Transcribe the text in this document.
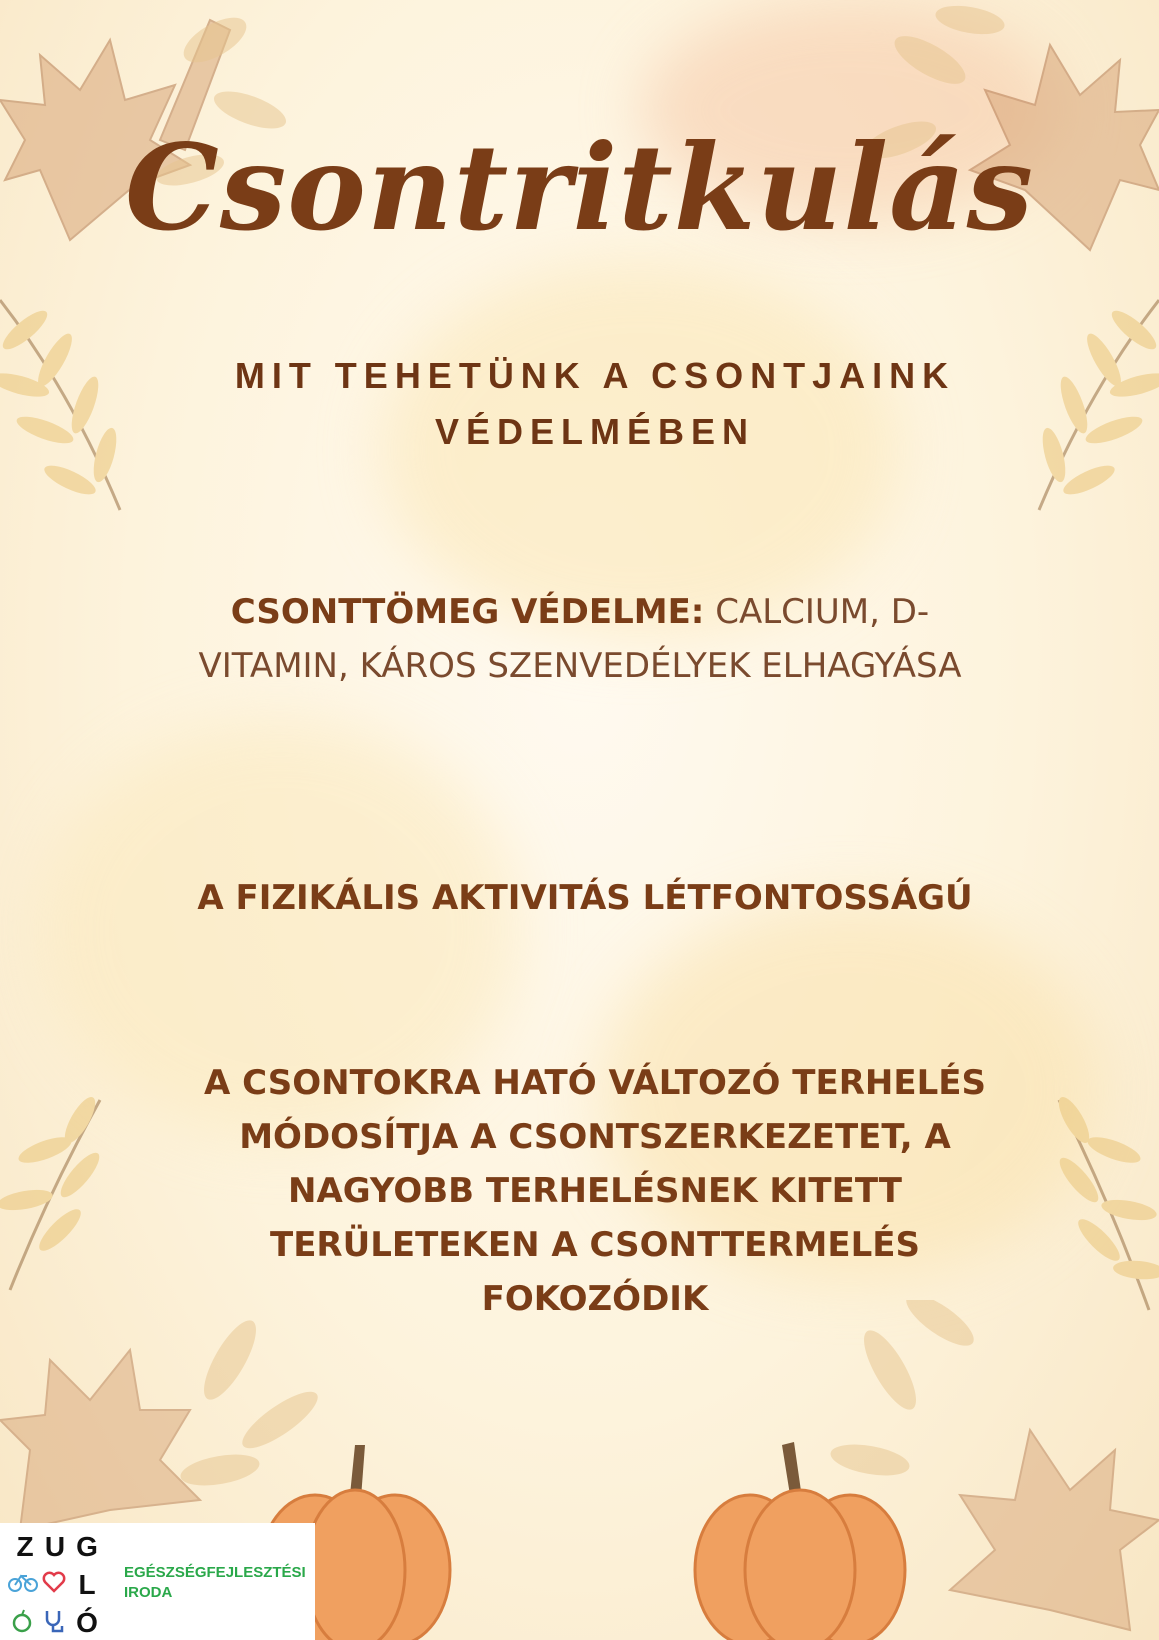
Csontritkulás
MIT TEHETÜNK A CSONTJAINK VÉDELMÉBEN
CSONTTÖMEG VÉDELME: CALCIUM, D-VITAMIN, KÁROS SZENVEDÉLYEK ELHAGYÁSA
A FIZIKÁLIS AKTIVITÁS LÉTFONTOSSÁGÚ
A CSONTOKRA HATÓ VÁLTOZÓ TERHELÉS MÓDOSÍTJA A CSONTSZERKEZETET, A NAGYOBB TERHELÉSNEK KITETT TERÜLETEKEN A CSONTTERMELÉS FOKOZÓDIK
Z U G
L
Ó
EGÉSZSÉGFEJLESZTÉSI
IRODA
